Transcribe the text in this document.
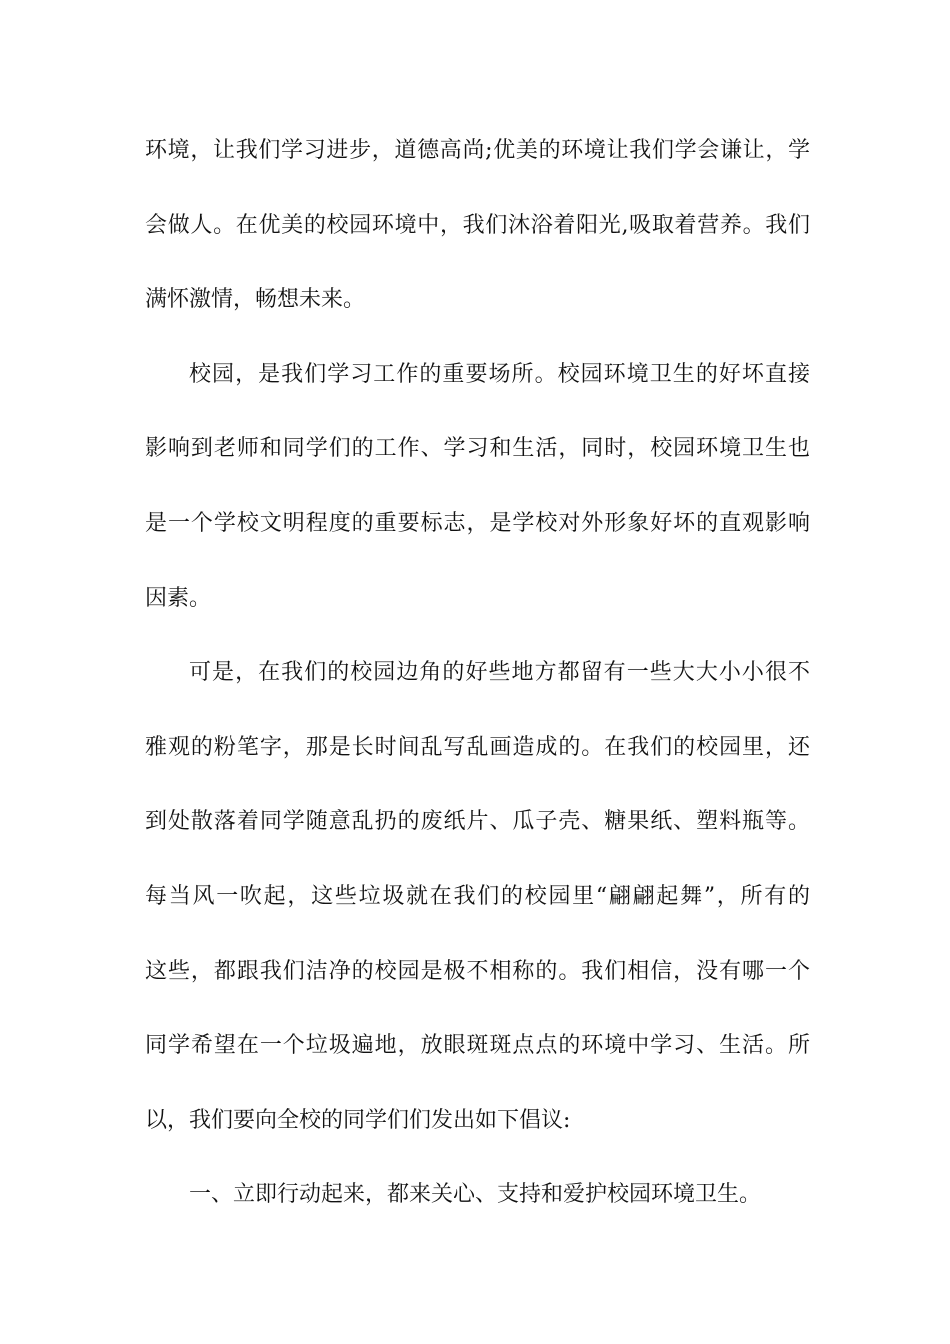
环境，让我们学习进步，道德高尚;优美的环境让我们学会谦让，学
会做人。在优美的校园环境中，我们沐浴着阳光,吸取着营养。我们
满怀激情，畅想未来。
校园，是我们学习工作的重要场所。校园环境卫生的好坏直接
影响到老师和同学们的工作、学习和生活，同时，校园环境卫生也
是一个学校文明程度的重要标志，是学校对外形象好坏的直观影响
因素。
可是，在我们的校园边角的好些地方都留有一些大大小小很不
雅观的粉笔字，那是长时间乱写乱画造成的。在我们的校园里，还
到处散落着同学随意乱扔的废纸片、瓜子壳、糖果纸、塑料瓶等。
每当风一吹起，这些垃圾就在我们的校园里“翩翩起舞”，所有的
这些，都跟我们洁净的校园是极不相称的。我们相信，没有哪一个
同学希望在一个垃圾遍地，放眼斑斑点点的环境中学习、生活。所
以，我们要向全校的同学们们发出如下倡议:
一、立即行动起来，都来关心、支持和爱护校园环境卫生。
